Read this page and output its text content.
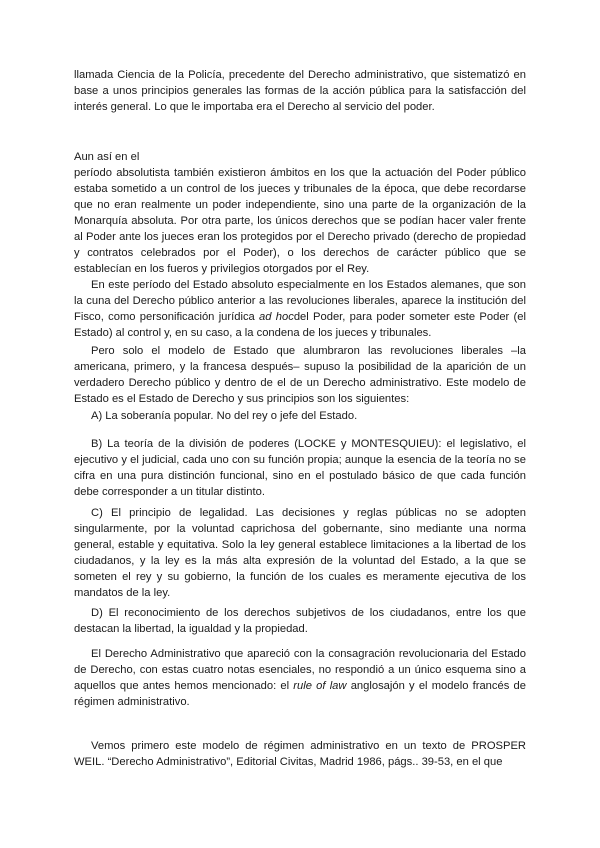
llamada Ciencia de la Policía, precedente del Derecho administrativo, que sistematizó en base a unos principios generales las formas de la acción pública para la satisfacción del interés general. Lo que le importaba era el Derecho al servicio del poder.

Aun así en el

período absolutista también existieron ámbitos en los que la actuación del Poder público estaba sometido a un control de los jueces y tribunales de la época, que debe recordarse que no eran realmente un poder independiente, sino una parte de la organización de la Monarquía absoluta. Por otra parte, los únicos derechos que se podían hacer valer frente al Poder ante los jueces eran los protegidos por el Derecho privado (derecho de propiedad y contratos celebrados por el Poder), o los derechos de carácter público que se establecían en los fueros y privilegios otorgados por el Rey.

En este período del Estado absoluto especialmente en los Estados alemanes, que son la cuna del Derecho público anterior a las revoluciones liberales, aparece la institución del Fisco, como personificación jurídica ad hocdel Poder, para poder someter este Poder (el Estado) al control y, en su caso, a la condena de los jueces y tribunales.

Pero solo el modelo de Estado que alumbraron las revoluciones liberales –la americana, primero, y la francesa después– supuso la posibilidad de la aparición de un verdadero Derecho público y dentro de el de un Derecho administrativo. Este modelo de Estado es el Estado de Derecho y sus principios son los siguientes:

A) La soberanía popular. No del rey o jefe del Estado.

B) La teoría de la división de poderes (LOCKE y MONTESQUIEU): el legislativo, el ejecutivo y el judicial, cada uno con su función propia; aunque la esencia de la teoría no se cifra en una pura distinción funcional, sino en el postulado básico de que cada función debe corresponder a un titular distinto.

C) El principio de legalidad. Las decisiones y reglas públicas no se adopten singularmente, por la voluntad caprichosa del gobernante, sino mediante una norma general, estable y equitativa. Solo la ley general establece limitaciones a la libertad de los ciudadanos, y la ley es la más alta expresión de la voluntad del Estado, a la que se someten el rey y su gobierno, la función de los cuales es meramente ejecutiva de los mandatos de la ley.

D) El reconocimiento de los derechos subjetivos de los ciudadanos, entre los que destacan la libertad, la igualdad y la propiedad.

El Derecho Administrativo que apareció con la consagración revolucionaria del Estado de Derecho, con estas cuatro notas esenciales, no respondió a un único esquema sino a aquellos que antes hemos mencionado: el rule of law anglosajón y el modelo francés de régimen administrativo.

Vemos primero este modelo de régimen administrativo en un texto de PROSPER WEIL. “Derecho Administrativo”, Editorial Civitas, Madrid 1986, págs.. 39-53, en el que
